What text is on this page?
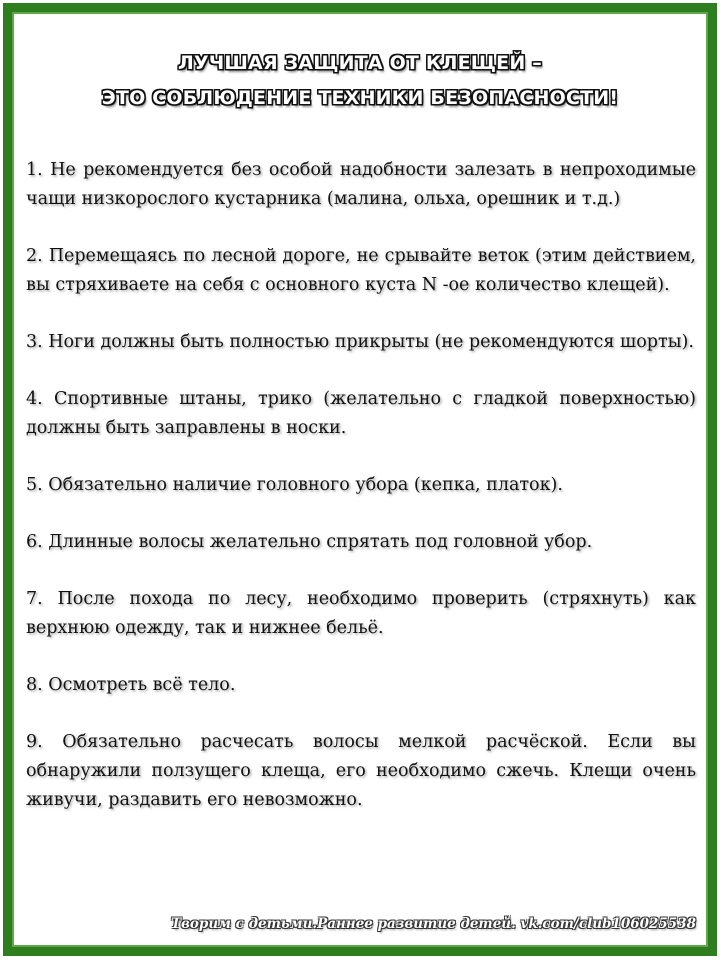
ЛУЧШАЯ ЗАЩИТА ОТ КЛЕЩЕЙ –
ЭТО СОБЛЮДЕНИЕ ТЕХНИКИ БЕЗОПАСНОСТИ!

1. Не рекомендуется без особой надобности залезать в непроходимые чащи низкорослого кустарника (малина, ольха, орешник и т.д.)

2. Перемещаясь по лесной дороге, не срывайте веток (этим действием, вы стряхиваете на себя с основного куста N -ое количество клещей).

3. Ноги должны быть полностью прикрыты (не рекомендуются шорты).

4. Спортивные штаны, трико (желательно с гладкой поверхностью) должны быть заправлены в носки.

5. Обязательно наличие головного убора (кепка, платок).

6. Длинные волосы желательно спрятать под головной убор.

7. После похода по лесу, необходимо проверить (стряхнуть) как верхнюю одежду, так и нижнее бельё.

8. Осмотреть всё тело.

9. Обязательно расчесать волосы мелкой расчёской. Если вы обнаружили ползущего клеща, его необходимо сжечь. Клещи очень живучи, раздавить его невозможно.

Творим с детьми.Раннее развитие детей. vk.com/club106025538
